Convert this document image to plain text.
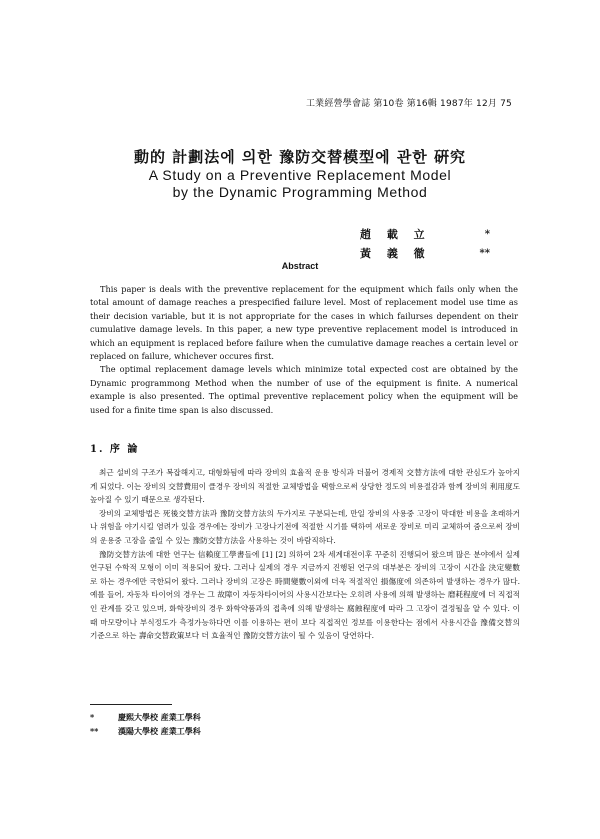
工業經營學會誌 第10卷 第16輯 1987年 12月 75
動的 計劃法에 의한 豫防交替模型에 관한 硏究
A Study on a Preventive Replacement Model
by the Dynamic Programming Method
趙 載 立	*
黃 義 徹	**
Abstract

This paper is deals with the preventive replacement for the equipment which fails only when the total amount of damage reaches a prespecified failure level. Most of replacement model use time as their decision variable, but it is not appropriate for the cases in which failurses dependent on their cumulative damage levels. In this paper, a new type preventive replacement model is introduced in which an equipment is replaced before failure when the cumulative damage reaches a certain level or replaced on failure, whichever occures first.

The optimal replacement damage levels which minimize total expected cost are obtained by the Dynamic programmong Method when the number of use of the equipment is finite. A numerical example is also presented. The optimal preventive replacement policy when the equipment will be used for a finite time span is also discussed.

1. 序 論

최근 설비의 구조가 복잡해지고, 대형화됨에 따라 장비의 효율적 운용 방식과 더불어 경제적 交替方法에 대한 관심도가 높아지게 되었다. 이는 장비의 交替費用이 클경우 장비의 적절한 교체방법을 택함으로써 상당한 정도의 비용절감과 함께 장비의 利用度도 높아질 수 있기 때문으로 생각된다.

장비의 교체방법은 死後交替方法과 豫防交替方法의 두가지로 구분되는데, 만일 장비의 사용중 고장이 막대한 비용을 초래하거나 위험을 야기시킬 염려가 있을 경우에는 장비가 고장나기전에 적절한 시기를 택하여 새로운 장비로 미리 교체하여 줌으로써 장비의 운용중 고장을 줄일 수 있는 豫防交替方法을 사용하는 것이 바람직하다.

豫防交替方法에 대한 연구는 信賴度工學書들에 [1] [2] 의하여 2차 세계대전이후 꾸준히 진행되어 왔으며 많은 분야에서 실제 연구된 수학적 모형이 이미 적용되어 왔다. 그러나 실제의 경우 지금까지 진행된 연구의 대부분은 장비의 고장이 시간을 決定變數로 하는 경우에만 국한되어 왔다. 그러나 장비의 고장은 時間變數이외에 더욱 적절적인 損傷度에 의존하여 발생하는 경우가 많다. 예를 들어, 자동차 타이어의 경우는 그 故障이 자동차타이어의 사용시간보다는 오히려 사용에 의해 발생하는 磨耗程度에 더 직접적인 관계를 갖고 있으며, 화학장비의 경우 화학약품과의 접촉에 의해 발생하는 腐蝕程度에 따라 그 고장이 결정될을 알 수 있다. 이때 마모량이나 부식정도가 측정가능하다면 이를 이용하는 편이 보다 직접적인 정보를 이용한다는 점에서 사용시간을 豫備交替의 기준으로 하는 壽命交替政策보다 더 효율적인 豫防交替方法이 될 수 있음이 당연하다.

*	慶熙大學校 産業工學科
** 漢陽大學校 産業工學科
